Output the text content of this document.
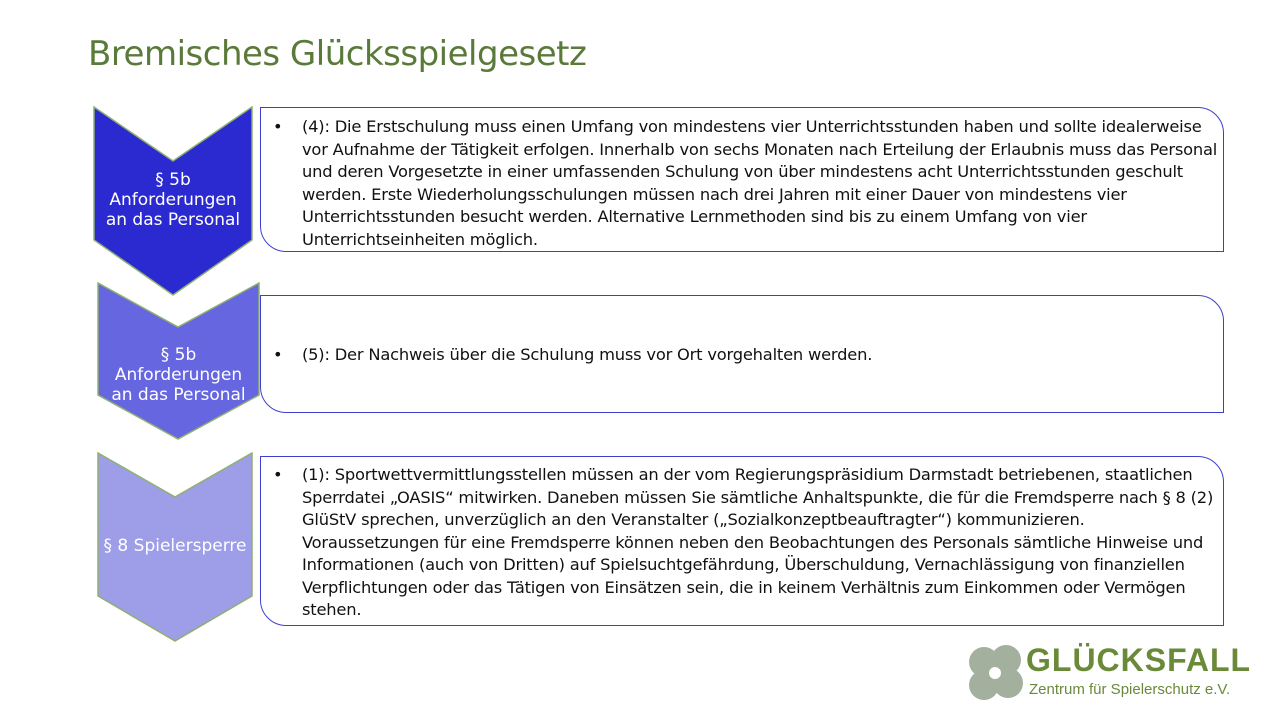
Bremisches Glücksspielgesetz
§ 5b
Anforderungen
an das Personal
• (4): Die Erstschulung muss einen Umfang von mindestens vier Unterrichtsstunden haben und sollte idealerweise vor Aufnahme der Tätigkeit erfolgen. Innerhalb von sechs Monaten nach Erteilung der Erlaubnis muss das Personal und deren Vorgesetzte in einer umfassenden Schulung von über mindestens acht Unterrichtsstunden geschult werden. Erste Wiederholungsschulungen müssen nach drei Jahren mit einer Dauer von mindestens vier Unterrichtsstunden besucht werden. Alternative Lernmethoden sind bis zu einem Umfang von vier Unterrichtseinheiten möglich.
§ 5b
Anforderungen
an das Personal
• (5): Der Nachweis über die Schulung muss vor Ort vorgehalten werden.
§ 8 Spielersperre
• (1): Sportwettvermittlungsstellen müssen an der vom Regierungspräsidium Darmstadt betriebenen, staatlichen Sperrdatei „OASIS“ mitwirken. Daneben müssen Sie sämtliche Anhaltspunkte, die für die Fremdsperre nach § 8 (2) GlüStV sprechen, unverzüglich an den Veranstalter („Sozialkonzeptbeauftragter“) kommunizieren. Voraussetzungen für eine Fremdsperre können neben den Beobachtungen des Personals sämtliche Hinweise und Informationen (auch von Dritten) auf Spielsuchtgefährdung, Überschuldung, Vernachlässigung von finanziellen Verpflichtungen oder das Tätigen von Einsätzen sein, die in keinem Verhältnis zum Einkommen oder Vermögen stehen.
GLÜCKSFALL
Zentrum für Spielerschutz e.V.
